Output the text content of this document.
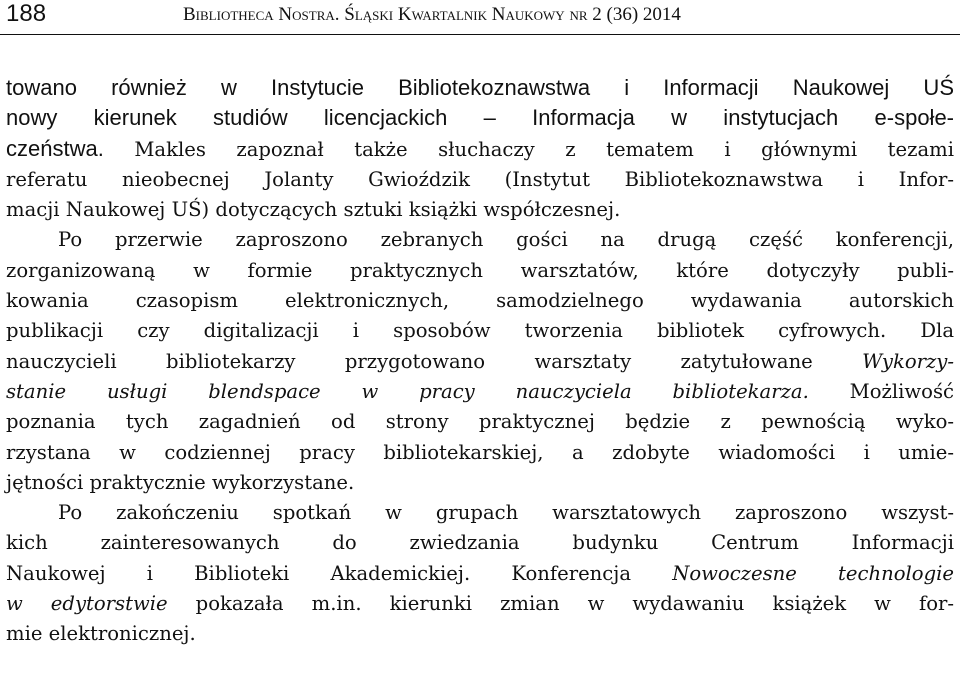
188	Bibliotheca Nostra. Śląski Kwartalnik Naukowy nr 2 (36) 2014
towano również w Instytucie Bibliotekoznawstwa i Informacji Naukowej UŚ
nowy kierunek studiów licencjackich – Informacja w instytucjach e-społe-
czeństwa. Makles zapoznał także słuchaczy z tematem i głównymi tezami
referatu nieobecnej Jolanty Gwioździk (Instytut Bibliotekoznawstwa i Infor-
macji Naukowej UŚ) dotyczących sztuki książki współczesnej.
Po przerwie zaproszono zebranych gości na drugą część konferencji,
zorganizowaną w formie praktycznych warsztatów, które dotyczyły publi-
kowania czasopism elektronicznych, samodzielnego wydawania autorskich
publikacji czy digitalizacji i sposobów tworzenia bibliotek cyfrowych. Dla
nauczycieli bibliotekarzy przygotowano warsztaty zatytułowane Wykorzy-
stanie usługi blendspace w pracy nauczyciela bibliotekarza. Możliwość
poznania tych zagadnień od strony praktycznej będzie z pewnością wyko-
rzystana w codziennej pracy bibliotekarskiej, a zdobyte wiadomości i umie-
jętności praktycznie wykorzystane.
Po zakończeniu spotkań w grupach warsztatowych zaproszono wszyst-
kich zainteresowanych do zwiedzania budynku Centrum Informacji
Naukowej i Biblioteki Akademickiej. Konferencja Nowoczesne technologie
w edytorstwie pokazała m.in. kierunki zmian w wydawaniu książek w for-
mie elektronicznej.
